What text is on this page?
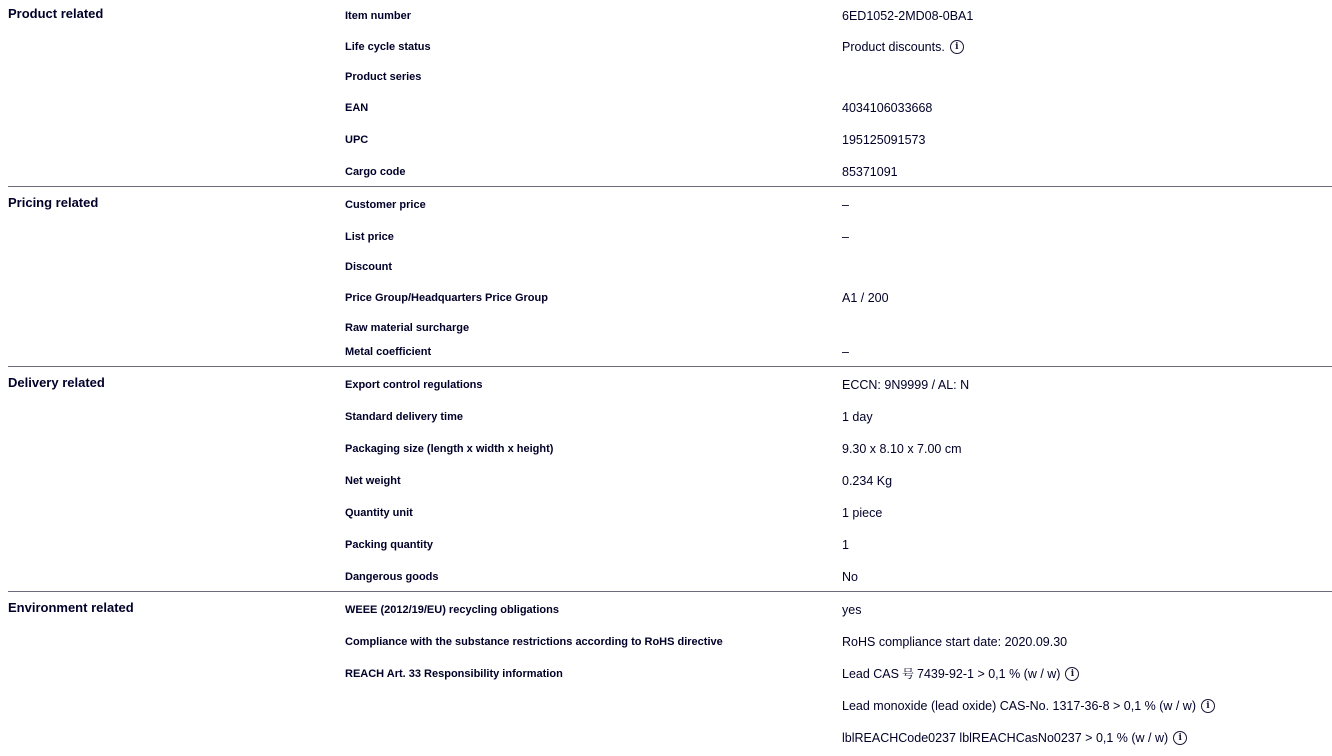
Product related	Item number	6ED1052-2MD08-0BA1
Life cycle status	Product discounts.	i
Product series
EAN	4034106033668
UPC	195125091573
Cargo code	85371091
Pricing related	Customer price	–
List price	–
Discount
Price Group/Headquarters Price Group	A1 / 200
Raw material surcharge
Metal coefficient	–
Delivery related	Export control regulations	ECCN: 9N9999 / AL: N
Standard delivery time	1 day
Packaging size (length x width x height)	9.30 x 8.10 x 7.00 cm
Net weight	0.234 Kg
Quantity unit	1 piece
Packing quantity	1
Dangerous goods	No
Environment related	WEEE (2012/19/EU) recycling obligations	yes
Compliance with the substance restrictions according to RoHS directive	RoHS compliance start date: 2020.09.30
REACH Art. 33 Responsibility information	Lead CAS 号 7439-92-1 > 0,1 % (w / w)	i
Lead monoxide (lead oxide) CAS-No. 1317-36-8 > 0,1 % (w / w)	i
lblREACHCode0237 lblREACHCasNo0237 > 0,1 % (w / w)	i
